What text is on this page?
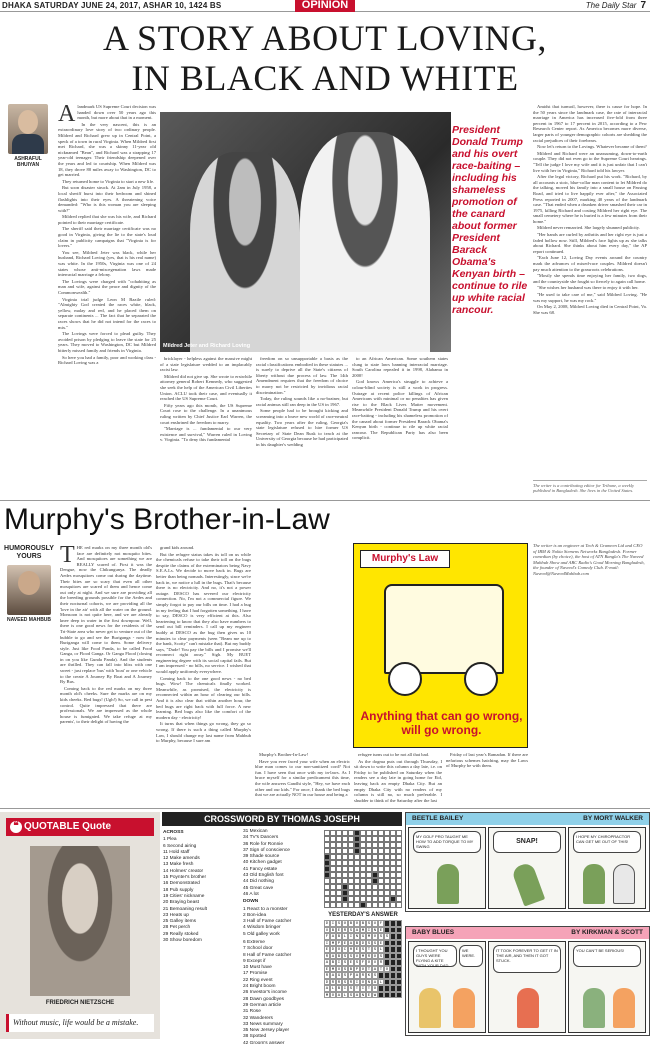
DHAKA SATURDAY JUNE 24, 2017, ASHAR 10, 1424 BS	OPINION	The Daily Star 7
A STORY ABOUT LOVING,
IN BLACK AND WHITE
ASHRAFUL BHUIYAN
A landmark US Supreme Court decision was handed down over 50 years ago this month, but more about that in a moment.

In the very nascent, this is an extraordinary love story of two ordinary people. Mildred and Richard grew up in Central Point, a speck of a town in rural Virginia. When Mildred first met Richard, she was a skinny 11-year old nicknamed "Bean", and Richard was a strapping 17 year-old teenager. Their friendship deepened over the years and led to courtship. When Mildred was 18, they drove 80 miles away to Washington, DC to get married.

They returned home to Virginia to start a new life.

But soon disaster struck. At 2am in July 1958, a local sheriff burst into their bedroom and shined flashlights into their eyes. A threatening voice demanded: "Who is this woman you are sleeping with?"

Mildred replied that she was his wife, and Richard pointed to their marriage certificate.

The sheriff said their marriage certificate was no good in Virginia, giving the lie to the state's loud claim in publicity campaigns that "Virginia is for lovers."

You see, Mildred Jeter was black, while her husband, Richard Loving (yes, that is his real name) was white. In the 1950s, Virginia was one of 24 states whose anti-miscegenation laws made interracial marriage a felony.

The Lovings were charged with "cohabiting as man and wife, against the peace and dignity of the Commonwealth."

Virginia trial judge Leon M Bazile ruled: "Almighty God created the races white, black, yellow, malay and red, and he placed them on separate continents ... The fact that he separated the races shows that he did not intend for the races to mix."

The Lovings were forced to plead guilty. They avoided prison by pledging to leave the state for 25 years. They moved to Washington, DC but Mildred bitterly missed family and friends in Virginia.

So here you had a family, poor and working class - Richard Loving was a

Mildred Jeter and Richard Loving
President Donald Trump and his overt race-baiting – including his shameless promotion of the canard about former President Barack Obama's Kenyan birth – continue to rile up white racial rancour.

bricklayer - helpless against the massive might of a state legislature wedded to an implacably racist law.

Mildred did not give up. She wrote to erstwhile attorney general Robert Kennedy, who suggested she seek the help of the American Civil Liberties Union. ACLU took their case, and eventually it reached the US Supreme Court.

Fifty years ago this month, the US Supreme Court rose to the challenge. In a unanimous ruling written by Chief Justice Earl Warren, the court enshrined the freedom to marry.

"Marriage is ... fundamental to our very existence and survival," Warren ruled in Loving v. Virginia. "To deny this fundamental

freedom on so unsupportable a basis as the racial classifications embodied in these statutes ... is surely to deprive all the State's citizens of liberty without due process of law. The 14th Amendment requires that the freedom of choice to marry not be restricted by invidious racial discrimination."

Today, the ruling sounds like a no-brainer, but racial animus still ran deep in the US in 1967.

Some people had to be brought kicking and screaming into a brave new world of race-neutral equality. Two years after the ruling, Georgia's state legislature refused to hire former US Secretary of State Dean Rusk to teach at the University of Georgia because he had participated in his daughter's wedding

to an African American. Some southern states clung to state laws banning interracial marriage. South Carolina repealed it in 1998, Alabama in 2000!

God knows America's struggle to achieve a colour-blind society is still a work in progress. Outrage at recent police killings of African Americans with minimal or no penalties has given rise to the Black Lives Matter movement. Meanwhile President Donald Trump and his overt race-baiting - including his shameless promotion of the canard about former President Barack Obama's Kenyan birth - continue to rile up white racial rancour. The Republican Party has also been complicit.

Amidst that turmoil, however, there is cause for hope. In the 50 years since the landmark case, the rate of interracial marriage in America has increased five-fold from three percent in 1967 to 17 percent in 2015, according to a Pew Research Center report. As America becomes more diverse, larger parts of younger demographic cohorts are shedding the racial prejudices of their forebears.

Now let's return to the Lovings. Whatever became of them?

Mildred and Richard were an unassuming, down-to-earth couple. They did not even go to the Supreme Court hearings. "Tell the judge I love my wife and it is just unfair that I can't live with her in Virginia," Richard told his lawyer.

After the legal victory, Richard put his work. "Richard, by all accounts a stoic, blue-collar man content to let Mildred do the talking, moved his family into a small house on Passing Road, and tried to live happily ever after," the Associated Press reported in 2007, marking 40 years of the landmark case. "That ended when a drunken driver smashed their car in 1975, killing Richard and costing Mildred her right eye. The small cemetery where he is buried is a few minutes from their home."

Mildred never remarried. She largely shunned publicity.

"Her hands are curled by arthritis and her right eye is just a faded hollow now. Still, Mildred's face lights up as she talks about Richard. She thinks about him every day," the AP report continued.

"Each June 12, Loving Day events around the country mark the advances of mixed-race couples. Mildred doesn't pay much attention to the grassroots celebrations.

"Mostly she spends time enjoying her family, two dogs, and the countryside she fought so fiercely to again call home.

"She wishes her husband was there to enjoy it with her.

"He used to take care of me," said Mildred Loving. "He was my support, he was my rock."

On May 2, 2008, Mildred Loving died in Central Point, Va. She was 68.

The writer is a contributing editor for Tribune, a weekly published in Bangladesh. She lives in the United States.
Murphy's Brother-in-Law
HUMOROUSLY
YOURS
NAVEED MAHBUB
T HE red marks on my three month old's face are definitely not mosquito bites. And mosquitoes are something we are REALLY scared of. First it was the Dengue, now the Chikungunya. The deadly Aedes mosquitoes come out during the daytime. Their bites are so scary that even all other mosquitoes are scared of them and hence come out only at night. And we sure are providing all the breeding grounds possible for the Aedes and their nocturnal cohorts, we are providing all the 'love in the air' with all the water on the ground. Monsoon is not quite here, and we are already knee deep in water in the first downpour. Well, there is one good news for the residents of the Tri-State area who never get to venture out of the bubble to go and see the Buriganga - now the Buriganga will come to them. Some delivery style. Just like Food Panda, to be called Food Ganga, or Flood Ganga. Or Ganga Flood (closing in on you like Gunda Panda). And the students are thrilled. They can fall into bliss with one sweet - just replace 'bus' with 'boat' or one vehicle to the create A Journey By Boat and A Journey By Bus.

Coming back to the red marks on my three month old's cheeks. Sure the marks are on my kids cheeks. Bed bugs! (Ugh!) So, we call in pest control. Quite impressed that there are professionals. We are impressed as the whole house is fumigated. We take refuge at my parents', to their delight of having the

grand kids around.

But the refugee status takes its toll on us while the chemicals refuse to take their toll on the bugs despite the claims of the exterminators being Navy S.E.A.Ls. We decide to move back in. Bugs are better than being nomads. Interestingly, since we're back in, we notice a lull in the bugs. That's because there is no electricity. And no, it's not a power outage. DESCO has severed our electricity connection. No, I'm not a commercial figure. We simply forgot to pay our bills on time. I had a bug in my feeling that I had forgotten something. I have to say, DESCO is very efficient at this. Also heartening to know that they also have numbers to send out bill reminders. I call up my engineer buddy at DESCO as the bug then gives us 10 minutes to clear payments (seen "Beam me up to the bank, Scotty" can't mistake that). But my buddy says, "Dude! You pay the bills and I promise we'll reconnect right away." Sigh. My BUET engineering degree with its social capital fails. But I am impressed - no bills, no service. I wished that would apply uniformly everywhere.

Coming back to the one good news - no bed bugs. Wow! The chemicals finally worked. Meanwhile, as promised, the electricity is reconnected within an hour of clearing our bills. And it is also clear that within another hour, the bed bugs are right back with full force. A new learning. Bed bugs also like the comfort of the modern day - electricity!

It turns that when things go wrong, they go so wrong. If there is such a thing called Murphy's Law, I should change my last name from Mahbub to Murphy, because I sure am

Murphy's Brother-In-Law!

Have you ever faced your wife when an electric blue man comes to our non-sanitized cord? Not fun. I have seen that once with my in-laws. As I brace myself for a similar predicament this time, the wife answers Gandhi style, "Hey, we have each other and our kids." For once, I thank the bed bugs that we are actually NOT in our house and being a

refugee turns out to be not all that bad.

As the dogma puts out through Thursday, I sit down to write this column a day late, i.e. on Friday to be published on Saturday when the readers see a day late in going home for Eid, leaving back an empty Dhaka City. But an empty Dhaka City with no readers of my column is still no, so much preferable. I shudder to think of the Saturday after the last

Friday of last year's Ramadan. If there are nefarious schemes hatching, may the Laws of Murphy be with them.

Murphy's Law
Anything that can go wrong, will go wrong.
The writer is an engineer at Tech & Grameen Ltd and CEO of IBM & Nokia Siemens Networks Bangladesh. Former comedian (by choice), the host of ATN Bangla's The Naveed Mahbub Show and ABC Radio's Good Morning Bangladesh, the founder of Naveed's Comedy Club. E-mail: Naveed@NaveedMahbub.com
❝ QUOTABLE Quote
FRIEDRICH NIETZSCHE
Without music, life would be a mistake.
CROSSWORD BY THOMAS JOSEPH
ACROSS
1 Plea
6 Second airing
11 Hold staff
12 Make amends
13 Make fresh
14 Holmes' creator
15 Poynter's brother
16 Demonstrated
18 Pub supply
19 Cities' nickname
20 Braying beast
21 Bemoaning result
23 Heats up
25 Galley items
28 Pet perch
29 Really stoked
30 Show boredom
31 Mexican
34 TV's Dancers
36 Role for Ronnie
37 Sign of conscience
39 Shade source
40 Kitchen gadget
41 Fancy estate
43 Old English font
44 Did nothing
45 Great cave
46 A lot
DOWN
1 React to a monster
2 Bon-idea
3 Hall of Fame catcher
4 Wisdom bringer
5 Old galley work
YESTERDAY'S ANSWER
D I S O B O B S U F
U B E R S A M I N E
F A B L I N G M O S S
I M P E A B D S S E
E D O C H E S T S L
R A B S S U M R O S
A B I S E S F O U R
E M U S B P O T A T O
R A G S P A R K S
D R R S R I O N A L
A L B I S T I T O
M O A L S A N E W
6 Extreme
7 School door
8 Hall of Fame catcher
9 Except if
10 Must have
17 Promise
22 Ring event
24 Bright boom
26 Investor's income
28 Dawn goodbyes
29 German article
31 Rose
32 Wanderers
33 News summary
35 New Jersey player
38 Spotted
42 Groom's answer
BEETLE BAILEY	BY MORT WALKER
MY GOLF PRO TAUGHT ME HOW TO ADD TORQUE TO MY SWING
SNAP!
I HOPE MY CHIROPRACTOR CAN GET ME OUT OF THIS!
BABY BLUES	BY KIRKMAN & SCOTT
I THOUGHT YOU GUYS WERE FLYING A KITE WITH YOUR DAD.
WE WERE.
IT TOOK FOREVER TO GET IT IN THE AIR, AND THEN IT GOT STUCK.
YOU CAN'T BE SERIOUS!
